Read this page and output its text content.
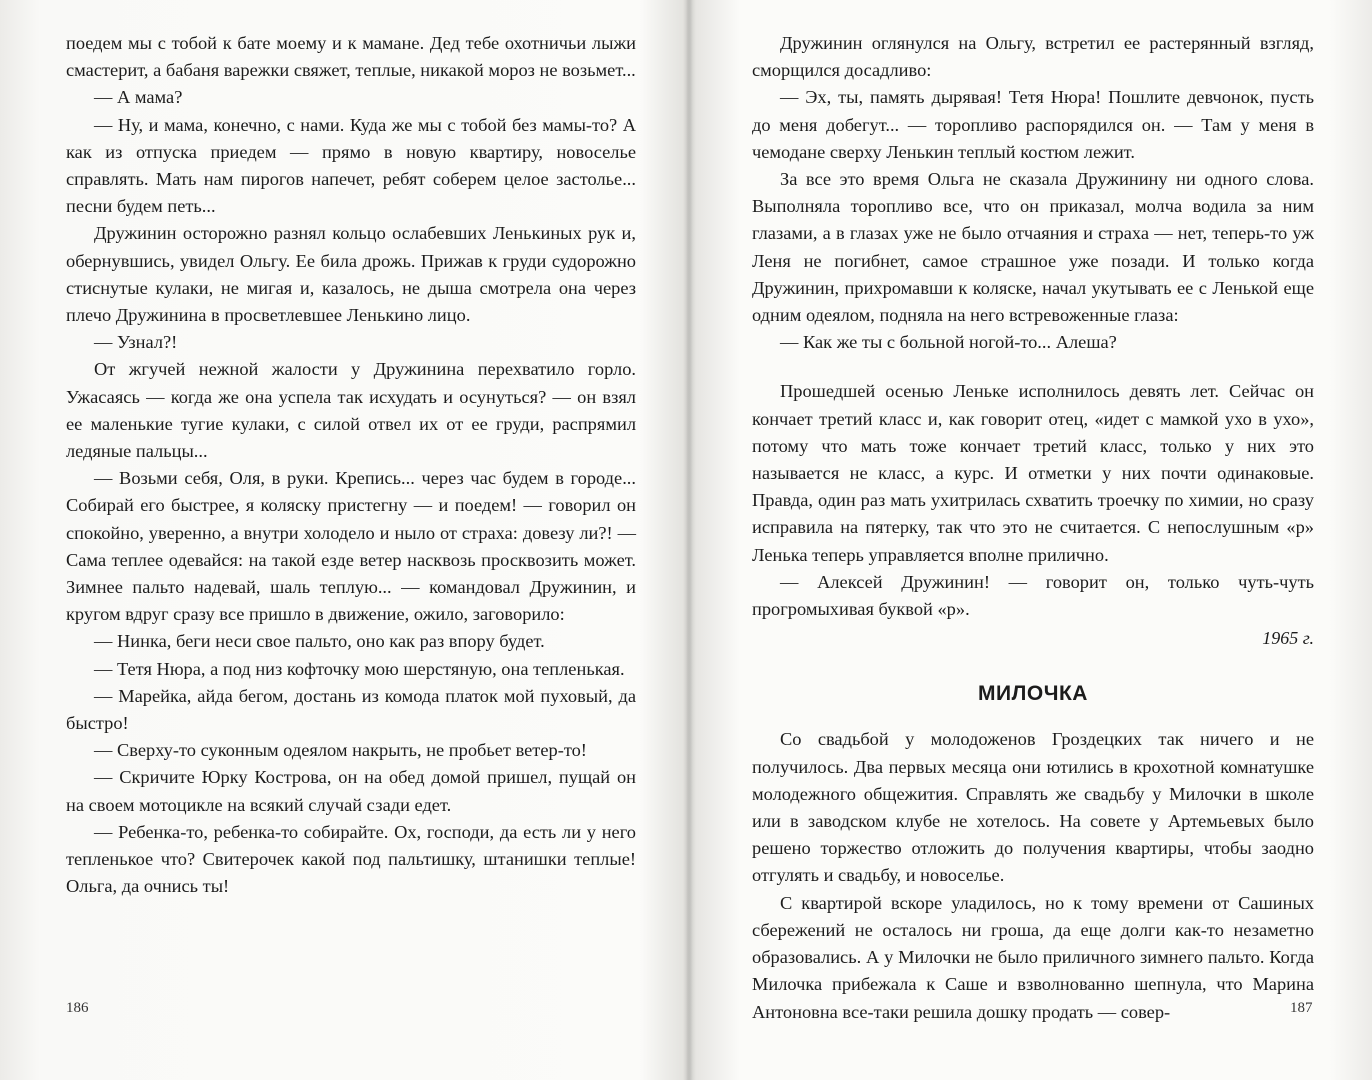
поедем мы с тобой к бате моему и к мамане. Дед тебе охотничьи лыжи смастерит, а бабаня варежки свяжет, теплые, никакой мороз не возьмет...

— А мама?

— Ну, и мама, конечно, с нами. Куда же мы с тобой без мамы-то? А как из отпуска приедем — прямо в новую квартиру, новоселье справлять. Мать нам пирогов напечет, ребят соберем целое застолье... песни будем петь...

Дружинин осторожно разнял кольцо ослабевших Ленькиных рук и, обернувшись, увидел Ольгу. Ее била дрожь. Прижав к груди судорожно стиснутые кулаки, не мигая и, казалось, не дыша смотрела она через плечо Дружинина в просветлевшее Ленькино лицо.

— Узнал?!

От жгучей нежной жалости у Дружинина перехватило горло. Ужасаясь — когда же она успела так исхудать и осунуться? — он взял ее маленькие тугие кулаки, с силой отвел их от ее груди, распрямил ледяные пальцы...

— Возьми себя, Оля, в руки. Крепись... через час будем в городе... Собирай его быстрее, я коляску пристегну — и поедем! — говорил он спокойно, уверенно, а внутри холодело и ныло от страха: довезу ли?! — Сама теплее одевайся: на такой езде ветер насквозь просквозить может. Зимнее пальто надевай, шаль теплую... — командовал Дружинин, и кругом вдруг сразу все пришло в движение, ожило, заговорило:

— Нинка, беги неси свое пальто, оно как раз впору будет.

— Тетя Нюра, а под низ кофточку мою шерстяную, она тепленькая.

— Марейка, айда бегом, достань из комода платок мой пуховый, да быстро!

— Сверху-то суконным одеялом накрыть, не пробьет ветер-то!

— Скричите Юрку Кострова, он на обед домой пришел, пущай он на своем мотоцикле на всякий случай сзади едет.

— Ребенка-то, ребенка-то собирайте. Ох, господи, да есть ли у него тепленькое что? Свитерочек какой под пальтишку, штанишки теплые! Ольга, да очнись ты!

186

Дружинин оглянулся на Ольгу, встретил ее растерянный взгляд, сморщился досадливо:

— Эх, ты, память дырявая! Тетя Нюра! Пошлите девчонок, пусть до меня добегут... — торопливо распорядился он. — Там у меня в чемодане сверху Ленькин теплый костюм лежит.

За все это время Ольга не сказала Дружинину ни одного слова. Выполняла торопливо все, что он приказал, молча водила за ним глазами, а в глазах уже не было отчаяния и страха — нет, теперь-то уж Леня не погибнет, самое страшное уже позади. И только когда Дружинин, прихромавши к коляске, начал укутывать ее с Ленькой еще одним одеялом, подняла на него встревоженные глаза:

— Как же ты с больной ногой-то... Алеша?

Прошедшей осенью Леньке исполнилось девять лет. Сейчас он кончает третий класс и, как говорит отец, «идет с мамкой ухо в ухо», потому что мать тоже кончает третий класс, только у них это называется не класс, а курс. И отметки у них почти одинаковые. Правда, один раз мать ухитрилась схватить троечку по химии, но сразу исправила на пятерку, так что это не считается. С непослушным «р» Ленька теперь управляется вполне прилично.

— Алексей Дружинин! — говорит он, только чуть-чуть прогромыхивая буквой «р».

1965 г.

МИЛОЧКА

Со свадьбой у молодоженов Гроздецких так ничего и не получилось. Два первых месяца они ютились в крохотной комнатушке молодежного общежития. Справлять же свадьбу у Милочки в школе или в заводском клубе не хотелось. На совете у Артемьевых было решено торжество отложить до получения квартиры, чтобы заодно отгулять и свадьбу, и новоселье.

С квартирой вскоре уладилось, но к тому времени от Сашиных сбережений не осталось ни гроша, да еще долги как-то незаметно образовались. А у Милочки не было приличного зимнего пальто. Когда Милочка прибежала к Саше и взволнованно шепнула, что Марина Антоновна все-таки решила дошку продать — совер-	187
